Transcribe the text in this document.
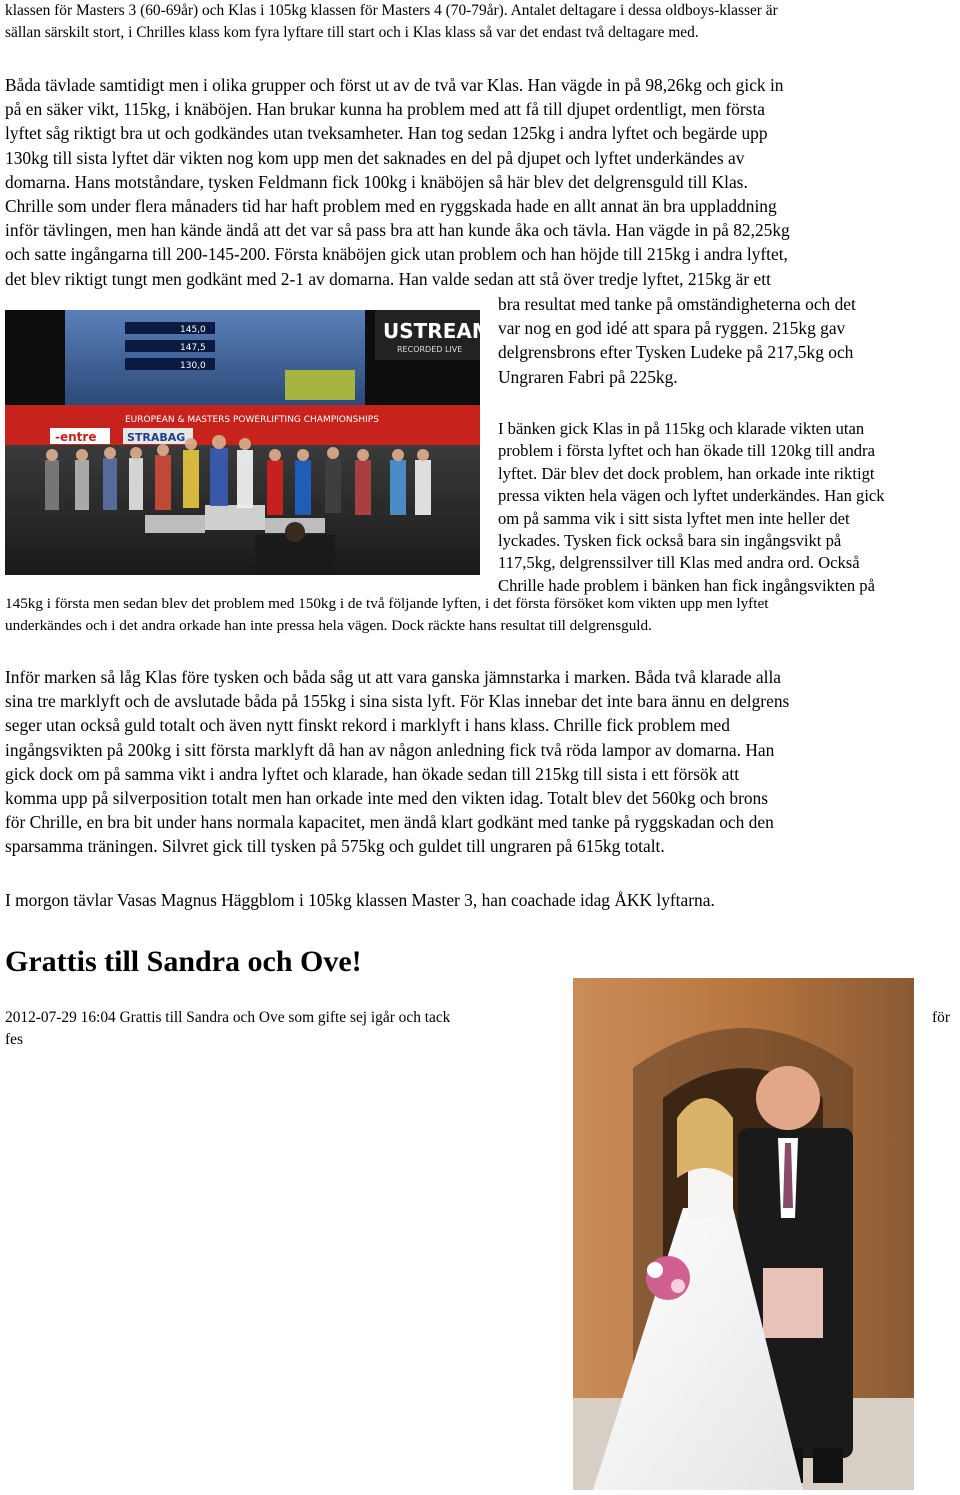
klassen för Masters 3 (60-69år) och Klas i 105kg klassen för Masters 4 (70-79år). Antalet deltagare i dessa oldboys-klasser är
sällan särskilt stort, i Chrilles klass kom fyra lyftare till start och i Klas klass så var det endast två deltagare med.
Båda tävlade samtidigt men i olika grupper och först ut av de två var Klas. Han vägde in på 98,26kg och gick in
på en säker vikt, 115kg, i knäböjen. Han brukar kunna ha problem med att få till djupet ordentligt, men första
lyftet såg riktigt bra ut och godkändes utan tveksamheter. Han tog sedan 125kg i andra lyftet och begärde upp
130kg till sista lyftet där vikten nog kom upp men det saknades en del på djupet och lyftet underkändes av
domarna. Hans motståndare, tysken Feldmann fick 100kg i knäböjen så här blev det delgrensguld till Klas.
Chrille som under flera månaders tid har haft problem med en ryggskada hade en allt annat än bra uppladdning
inför tävlingen, men han kände ändå att det var så pass bra att han kunde åka och tävla. Han vägde in på 82,25kg
och satte ingångarna till 200-145-200. Första knäböjen gick utan problem och han höjde till 215kg i andra lyftet,
det blev riktigt tungt men godkänt med 2-1 av domarna. Han valde sedan att stå över tredje lyftet, 215kg är ett
bra resultat med tanke på omständigheterna och det
var nog en god idé att spara på ryggen. 215kg gav
delgrensbrons efter Tysken Ludeke på 217,5kg och
Ungraren Fabri på 225kg.
145,0
147,5
130,0
EUROPEAN & MASTERS POWERLIFTING CHAMPIONSHIPS
-entre	STRABAG
USTREAM
RECORDED LIVE
I bänken gick Klas in på 115kg och klarade vikten utan
problem i första lyftet och han ökade till 120kg till andra
lyftet. Där blev det dock problem, han orkade inte riktigt
pressa vikten hela vägen och lyftet underkändes. Han gick
om på samma vik i sitt sista lyftet men inte heller det
lyckades. Tysken fick också bara sin ingångsvikt på
117,5kg, delgrenssilver till Klas med andra ord. Också
Chrille hade problem i bänken han fick ingångsvikten på
145kg i första men sedan blev det problem med 150kg i de två följande lyften, i det första försöket kom vikten upp men lyftet
underkändes och i det andra orkade han inte pressa hela vägen. Dock räckte hans resultat till delgrensguld.
Inför marken så låg Klas före tysken och båda såg ut att vara ganska jämnstarka i marken. Båda två klarade alla
sina tre marklyft och de avslutade båda på 155kg i sina sista lyft. För Klas innebar det inte bara ännu en delgrens
seger utan också guld totalt och även nytt finskt rekord i marklyft i hans klass. Chrille fick problem med
ingångsvikten på 200kg i sitt första marklyft då han av någon anledning fick två röda lampor av domarna. Han
gick dock om på samma vikt i andra lyftet och klarade, han ökade sedan till 215kg till sista i ett försök att
komma upp på silverposition totalt men han orkade inte med den vikten idag. Totalt blev det 560kg och brons
för Chrille, en bra bit under hans normala kapacitet, men ändå klart godkänt med tanke på ryggskadan och den
sparsamma träningen. Silvret gick till tysken på 575kg och guldet till ungraren på 615kg totalt.
I morgon tävlar Vasas Magnus Häggblom i 105kg klassen Master 3, han coachade idag ÅKK lyftarna.
Grattis till Sandra och Ove!
2012-07-29 16:04 Grattis till Sandra och Ove som gifte sej igår och tack
fes
för
